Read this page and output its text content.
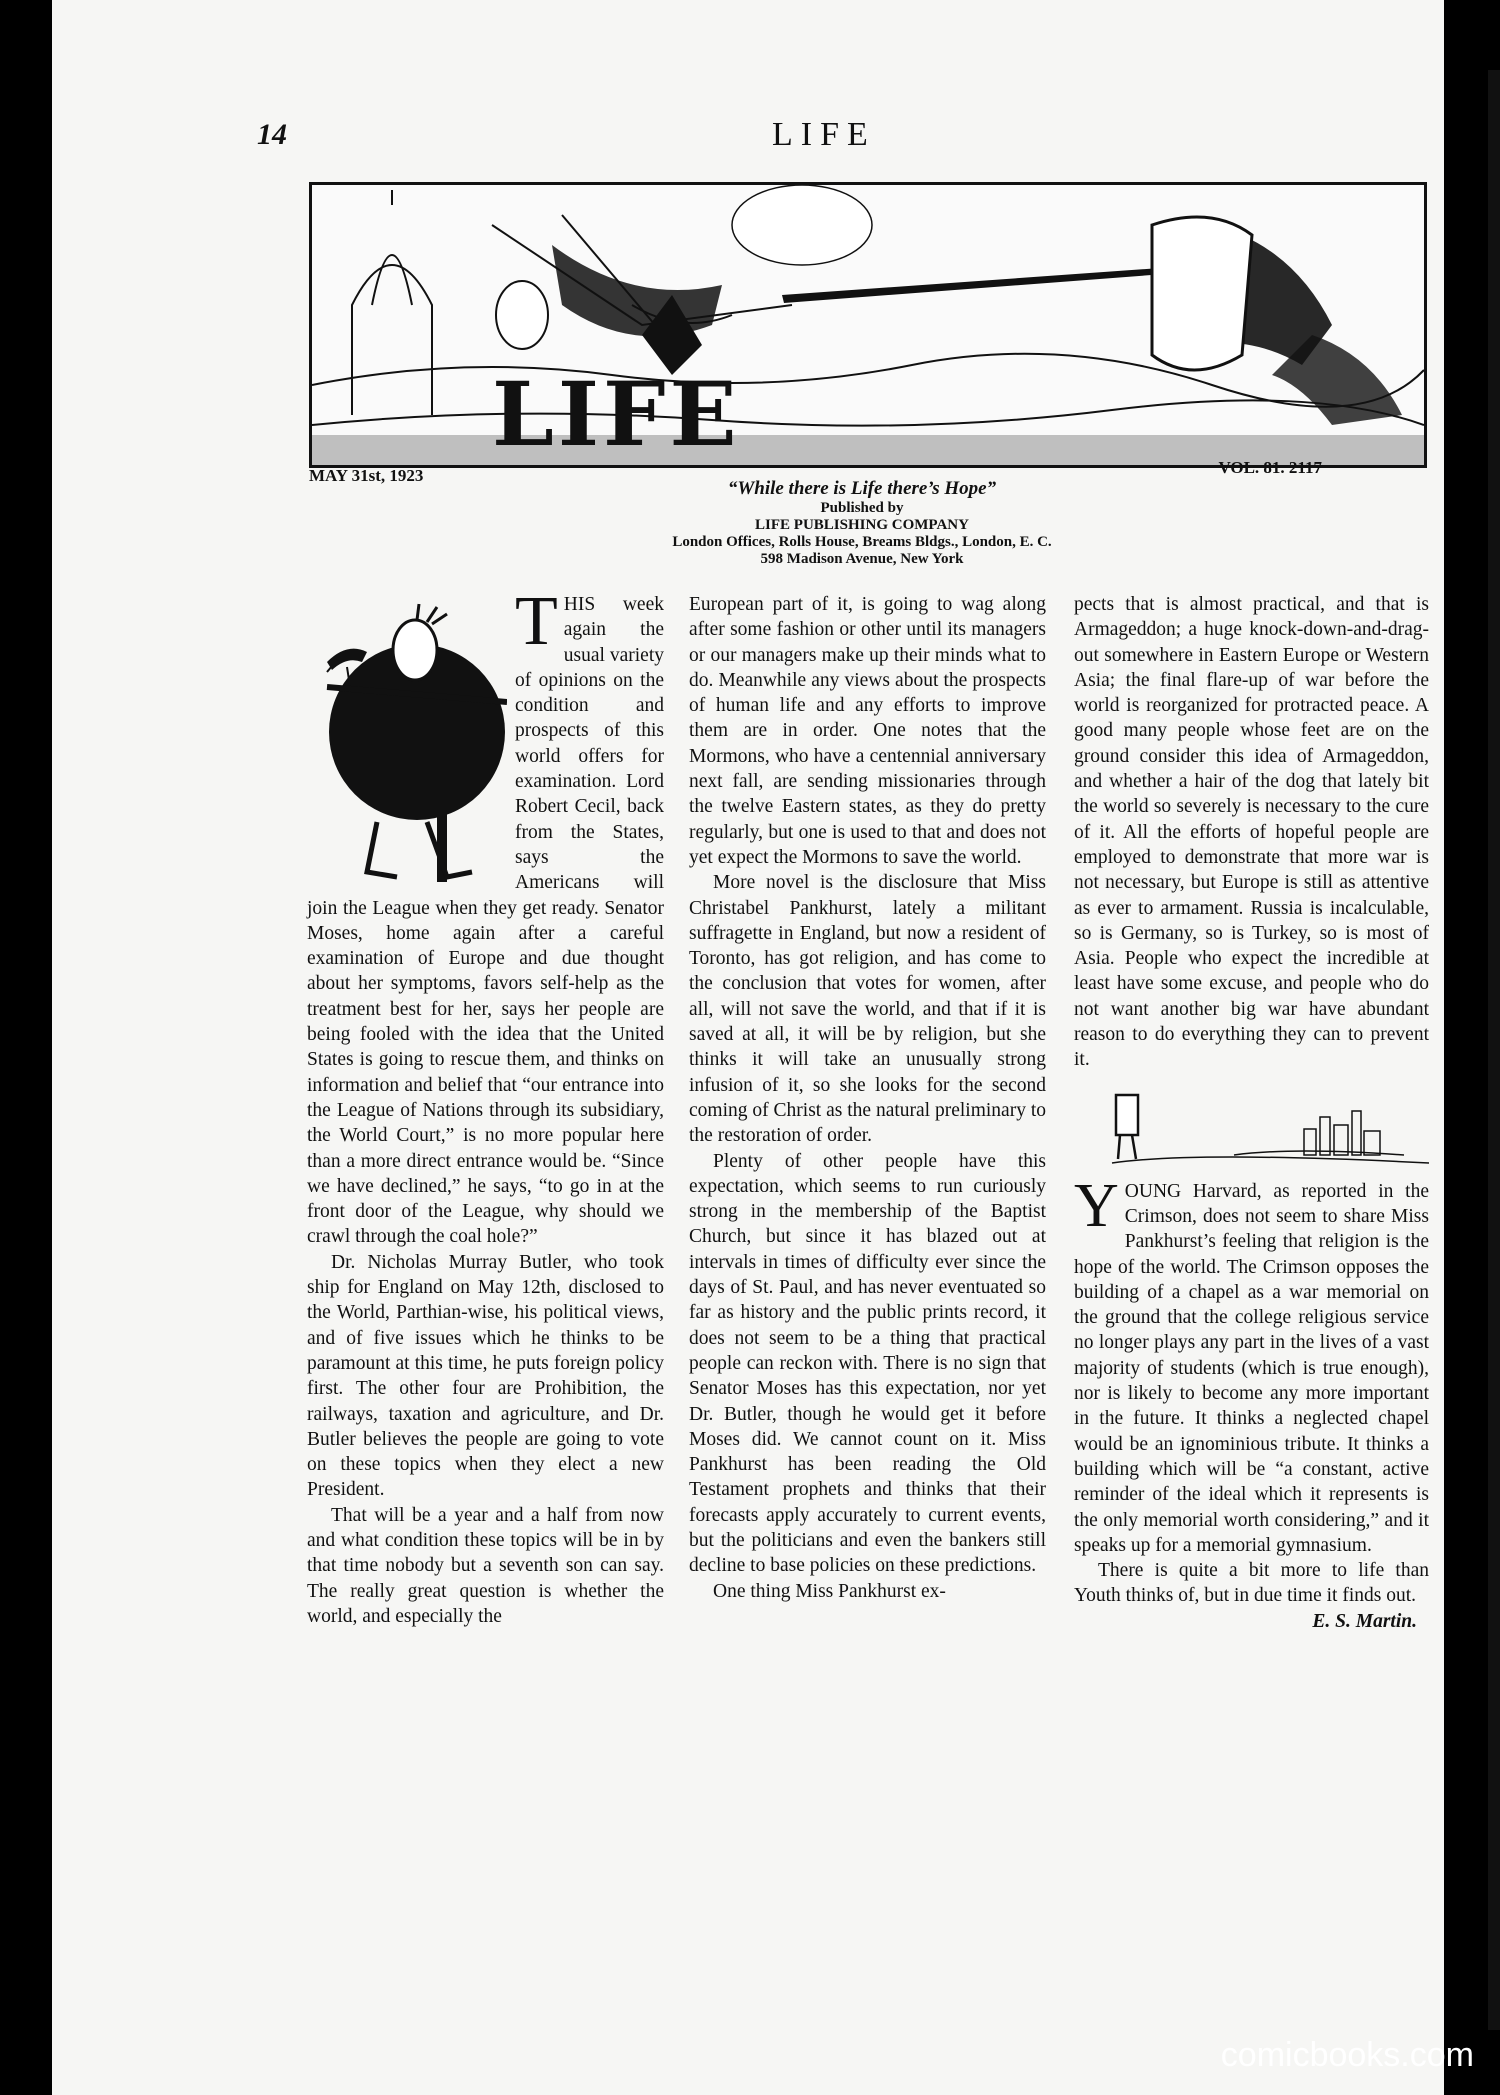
14	LIFE
LIFE
MAY 31st, 1923	VOL. 81. 2117
“While there is Life there’s Hope”
Published by
LIFE PUBLISHING COMPANY
London Offices, Rolls House, Breams Bldgs., London, E. C.
598 Madison Avenue, New York

THIS week again the usual variety of opinions on the condition and prospects of this world offers for examination. Lord Robert Cecil, back from the States, says the Americans will join the League when they get ready. Senator Moses, home again after a careful examination of Europe and due thought about her symptoms, favors self-help as the treatment best for her, says her people are being fooled with the idea that the United States is going to rescue them, and thinks on information and belief that “our entrance into the League of Nations through its subsidiary, the World Court,” is no more popular here than a more direct entrance would be. “Since we have declined,” he says, “to go in at the front door of the League, why should we crawl through the coal hole?”

Dr. Nicholas Murray Butler, who took ship for England on May 12th, disclosed to the World, Parthian-wise, his political views, and of five issues which he thinks to be paramount at this time, he puts foreign policy first. The other four are Prohibition, the railways, taxation and agriculture, and Dr. Butler believes the people are going to vote on these topics when they elect a new President.

That will be a year and a half from now and what condition these topics will be in by that time nobody but a seventh son can say. The really great question is whether the world, and especially the

European part of it, is going to wag along after some fashion or other until its managers or our managers make up their minds what to do. Meanwhile any views about the prospects of human life and any efforts to improve them are in order. One notes that the Mormons, who have a centennial anniversary next fall, are sending missionaries through the twelve Eastern states, as they do pretty regularly, but one is used to that and does not yet expect the Mormons to save the world.

More novel is the disclosure that Miss Christabel Pankhurst, lately a militant suffragette in England, but now a resident of Toronto, has got religion, and has come to the conclusion that votes for women, after all, will not save the world, and that if it is saved at all, it will be by religion, but she thinks it will take an unusually strong infusion of it, so she looks for the second coming of Christ as the natural preliminary to the restoration of order.

Plenty of other people have this expectation, which seems to run curiously strong in the membership of the Baptist Church, but since it has blazed out at intervals in times of difficulty ever since the days of St. Paul, and has never eventuated so far as history and the public prints record, it does not seem to be a thing that practical people can reckon with. There is no sign that Senator Moses has this expectation, nor yet Dr. Butler, though he would get it before Moses did. We cannot count on it. Miss Pankhurst has been reading the Old Testament prophets and thinks that their forecasts apply accurately to current events, but the politicians and even the bankers still decline to base policies on these predictions.

One thing Miss Pankhurst ex-

pects that is almost practical, and that is Armageddon; a huge knock-down-and-drag-out somewhere in Eastern Europe or Western Asia; the final flare-up of war before the world is reorganized for protracted peace. A good many people whose feet are on the ground consider this idea of Armageddon, and whether a hair of the dog that lately bit the world so severely is necessary to the cure of it. All the efforts of hopeful people are employed to demonstrate that more war is not necessary, but Europe is still as attentive as ever to armament. Russia is incalculable, so is Germany, so is Turkey, so is most of Asia. People who expect the incredible at least have some excuse, and people who do not want another big war have abundant reason to do everything they can to prevent it.

YOUNG Harvard, as reported in the Crimson, does not seem to share Miss Pankhurst’s feeling that religion is the hope of the world. The Crimson opposes the building of a chapel as a war memorial on the ground that the college religious service no longer plays any part in the lives of a vast majority of students (which is true enough), nor is likely to become any more important in the future. It thinks a neglected chapel would be an ignominious tribute. It thinks a building which will be “a constant, active reminder of the ideal which it represents is the only memorial worth considering,” and it speaks up for a memorial gymnasium.

There is quite a bit more to life than Youth thinks of, but in due time it finds out.

E. S. Martin.

comicbooks.com
